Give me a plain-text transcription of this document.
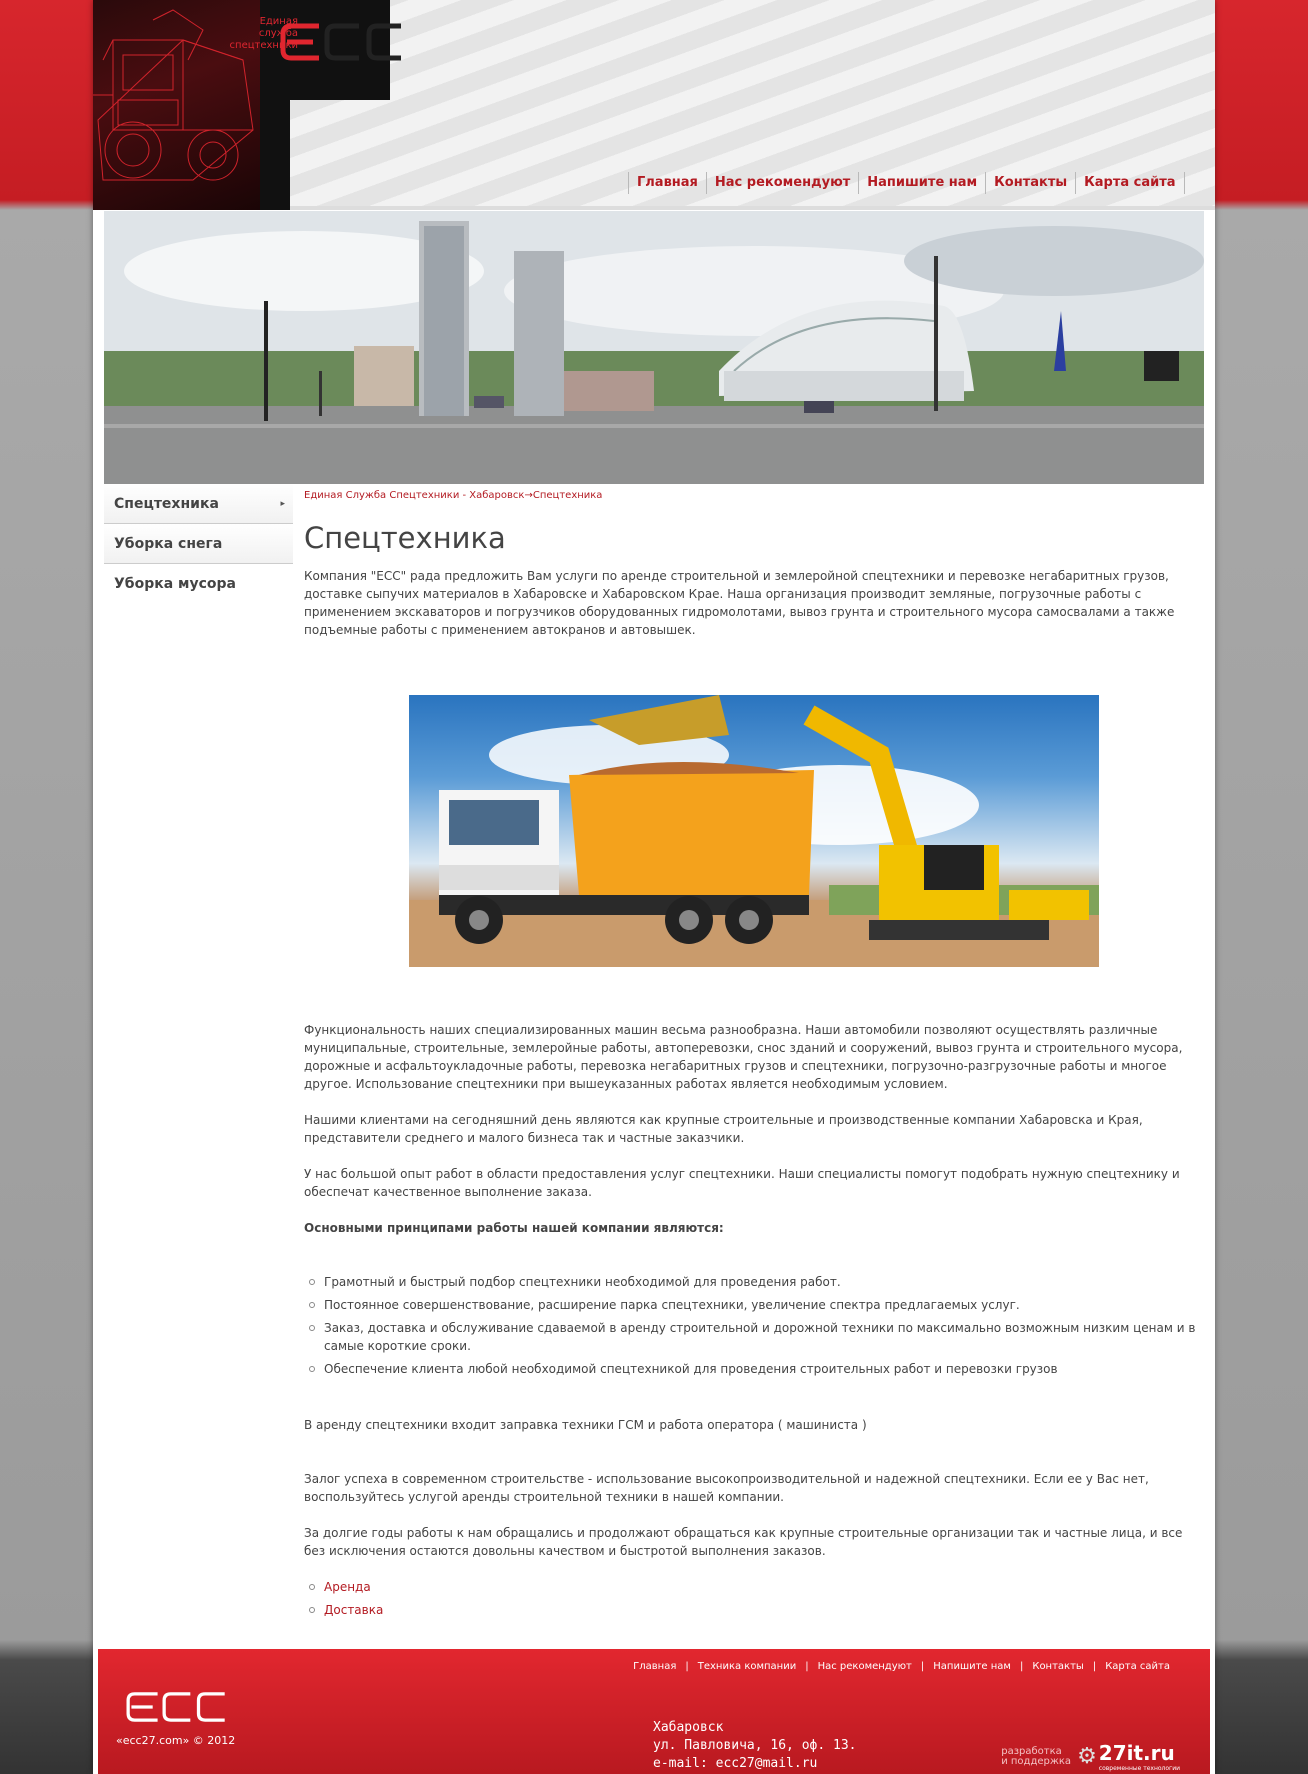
Единая
служба
спецтехники
Главная	Нас рекомендуют	Напишите нам	Контакты	Карта сайта
Спецтехника	▸
Уборка снега
Уборка мусора
Единая Служба Спецтехники - Хабаровск→Спецтехника
Спецтехника

Компания "ECC" рада предложить Вам услуги по аренде строительной и землеройной спецтехники и перевозке негабаритных грузов, доставке сыпучих материалов в Хабаровске и Хабаровском Крае. Наша организация производит земляные, погрузочные работы с применением экскаваторов и погрузчиков оборудованных гидромолотами, вывоз грунта и строительного мусора самосвалами а также подъемные работы с применением автокранов и автовышек.

Функциональность наших специализированных машин весьма разнообразна. Наши автомобили позволяют осуществлять различные муниципальные, строительные, землеройные работы, автоперевозки, снос зданий и сооружений, вывоз грунта и строительного мусора, дорожные и асфальтоукладочные работы, перевозка негабаритных грузов и спецтехники, погрузочно-разгрузочные работы и многое другое. Использование спецтехники при вышеуказанных работах является необходимым условием.

Нашими клиентами на сегодняшний день являются как крупные строительные и производственные компании Хабаровска и Края, представители среднего и малого бизнеса так и частные заказчики.

У нас большой опыт работ в области предоставления услуг спецтехники. Наши специалисты помогут подобрать нужную спецтехнику и обеспечат качественное выполнение заказа.

Основными принципами работы нашей компании являются:

Грамотный и быстрый подбор спецтехники необходимой для проведения работ.
Постоянное совершенствование, расширение парка спецтехники, увеличение спектра предлагаемых услуг.
Заказ, доставка и обслуживание сдаваемой в аренду строительной и дорожной техники по максимально возможным низким ценам и в самые короткие сроки.
Обеспечение клиента любой необходимой спецтехникой для проведения строительных работ и перевозки грузов

В аренду спецтехники входит заправка техники ГСМ и работа оператора ( машиниста )

Залог успеха в современном строительстве - использование высокопроизводительной и надежной спецтехники. Если ее у Вас нет, воспользуйтесь услугой аренды строительной техники в нашей компании.

За долгие годы работы к нам обращались и продолжают обращаться как крупные строительные организации так и частные лица, и все без исключения остаются довольны качеством и быстротой выполнения заказов.

Аренда
Доставка
Главная | Техника компании | Нас рекомендуют | Напишите нам | Контакты | Карта сайта
«ecc27.com» © 2012
Хабаровск
ул. Павловича, 16, оф. 13.
e-mail: ecc27@mail.ru
разработка
и поддержка ⚙ 27it.ru
современные технологии
